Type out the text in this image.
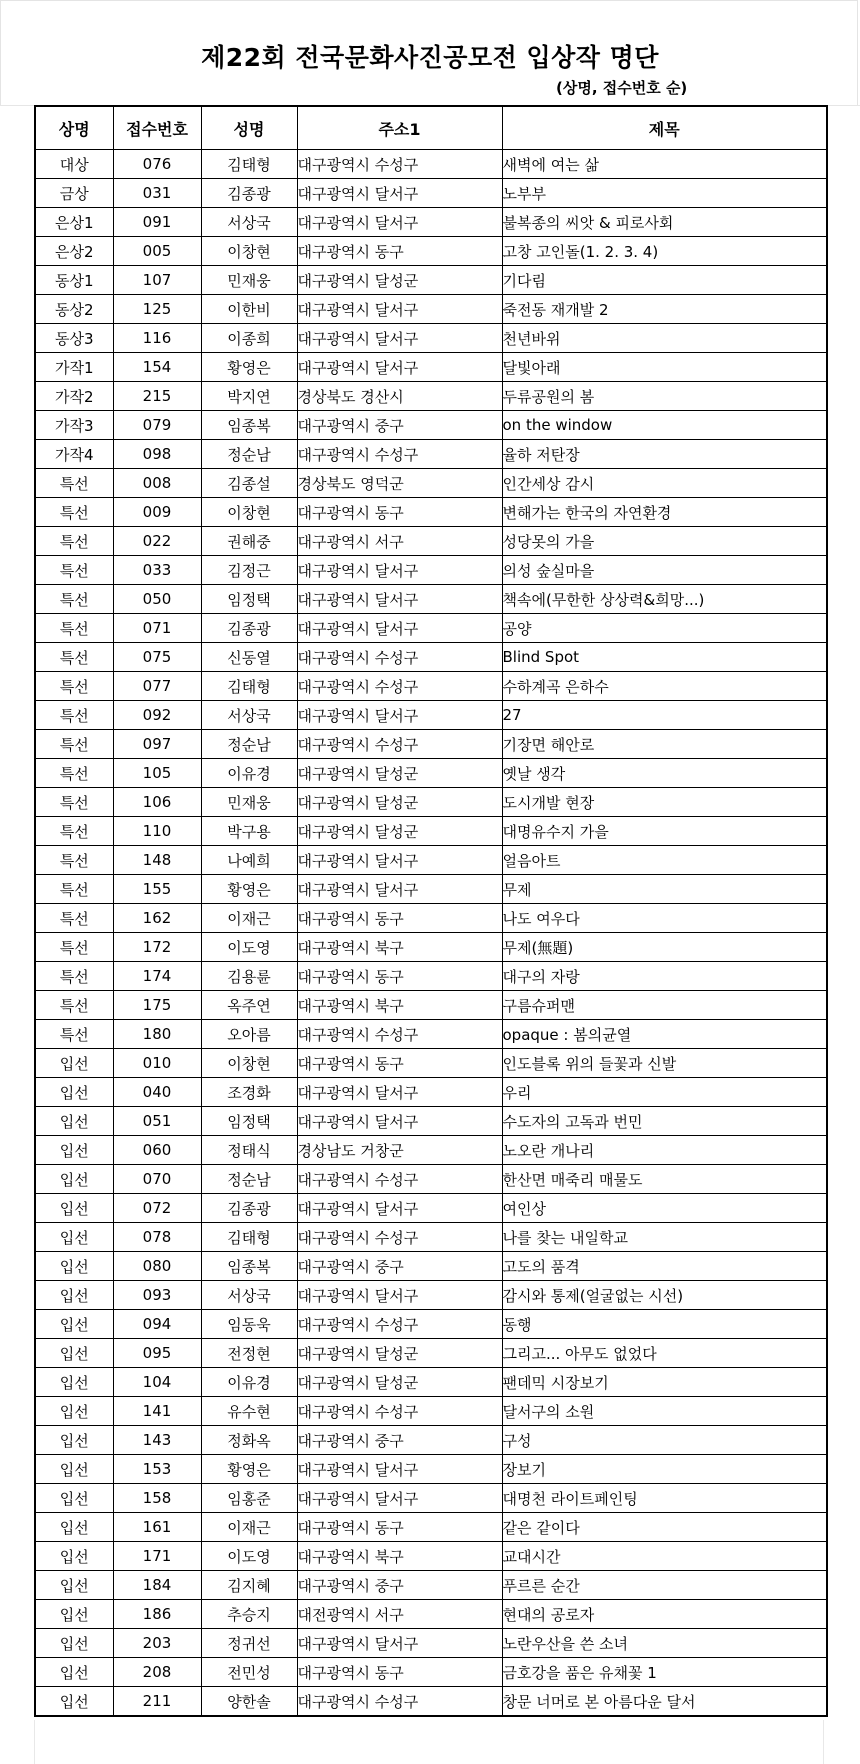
제22회 전국문화사진공모전 입상작 명단
(상명, 접수번호 순)
상명	접수번호	성명	주소1	제목
대상	076	김태형	대구광역시 수성구	새벽에 여는 삶
금상	031	김종광	대구광역시 달서구	노부부
은상1	091	서상국	대구광역시 달서구	불복종의 씨앗 & 피로사회
은상2	005	이창현	대구광역시 동구	고창 고인돌(1. 2. 3. 4)
동상1	107	민재웅	대구광역시 달성군	기다림
동상2	125	이한비	대구광역시 달서구	죽전동 재개발 2
동상3	116	이종희	대구광역시 달서구	천년바위
가작1	154	황영은	대구광역시 달서구	달빛아래
가작2	215	박지연	경상북도 경산시	두류공원의 봄
가작3	079	임종복	대구광역시 중구	on the window
가작4	098	정순남	대구광역시 수성구	율하 저탄장
특선	008	김종설	경상북도 영덕군	인간세상 감시
특선	009	이창현	대구광역시 동구	변해가는 한국의 자연환경
특선	022	권해중	대구광역시 서구	성당못의 가을
특선	033	김정근	대구광역시 달서구	의성 숲실마을
특선	050	임정택	대구광역시 달서구	책속에(무한한 상상력&희망...)
특선	071	김종광	대구광역시 달서구	공양
특선	075	신동열	대구광역시 수성구	Blind Spot
특선	077	김태형	대구광역시 수성구	수하계곡 은하수
특선	092	서상국	대구광역시 달서구	27
특선	097	정순남	대구광역시 수성구	기장면 해안로
특선	105	이유경	대구광역시 달성군	옛날 생각
특선	106	민재웅	대구광역시 달성군	도시개발 현장
특선	110	박구용	대구광역시 달성군	대명유수지 가을
특선	148	나예희	대구광역시 달서구	얼음아트
특선	155	황영은	대구광역시 달서구	무제
특선	162	이재근	대구광역시 동구	나도 여우다
특선	172	이도영	대구광역시 북구	무제(無題)
특선	174	김용륜	대구광역시 동구	대구의 자랑
특선	175	옥주연	대구광역시 북구	구름슈퍼맨
특선	180	오아름	대구광역시 수성구	opaque : 봄의균열
입선	010	이창현	대구광역시 동구	인도블록 위의 들꽃과 신발
입선	040	조경화	대구광역시 달서구	우리
입선	051	임정택	대구광역시 달서구	수도자의 고독과 번민
입선	060	정태식	경상남도 거창군	노오란 개나리
입선	070	정순남	대구광역시 수성구	한산면 매죽리 매물도
입선	072	김종광	대구광역시 달서구	여인상
입선	078	김태형	대구광역시 수성구	나를 찾는 내일학교
입선	080	임종복	대구광역시 중구	고도의 품격
입선	093	서상국	대구광역시 달서구	감시와 통제(얼굴없는 시선)
입선	094	임동욱	대구광역시 수성구	동행
입선	095	전정현	대구광역시 달성군	그리고... 아무도 없었다
입선	104	이유경	대구광역시 달성군	팬데믹 시장보기
입선	141	유수현	대구광역시 수성구	달서구의 소원
입선	143	정화옥	대구광역시 중구	구성
입선	153	황영은	대구광역시 달서구	장보기
입선	158	임홍준	대구광역시 달서구	대명천 라이트페인팅
입선	161	이재근	대구광역시 동구	같은 같이다
입선	171	이도영	대구광역시 북구	교대시간
입선	184	김지혜	대구광역시 중구	푸르른 순간
입선	186	추승지	대전광역시 서구	현대의 공로자
입선	203	정귀선	대구광역시 달서구	노란우산을 쓴 소녀
입선	208	전민성	대구광역시 동구	금호강을 품은 유채꽃 1
입선	211	양한솔	대구광역시 수성구	창문 너머로 본 아름다운 달서
